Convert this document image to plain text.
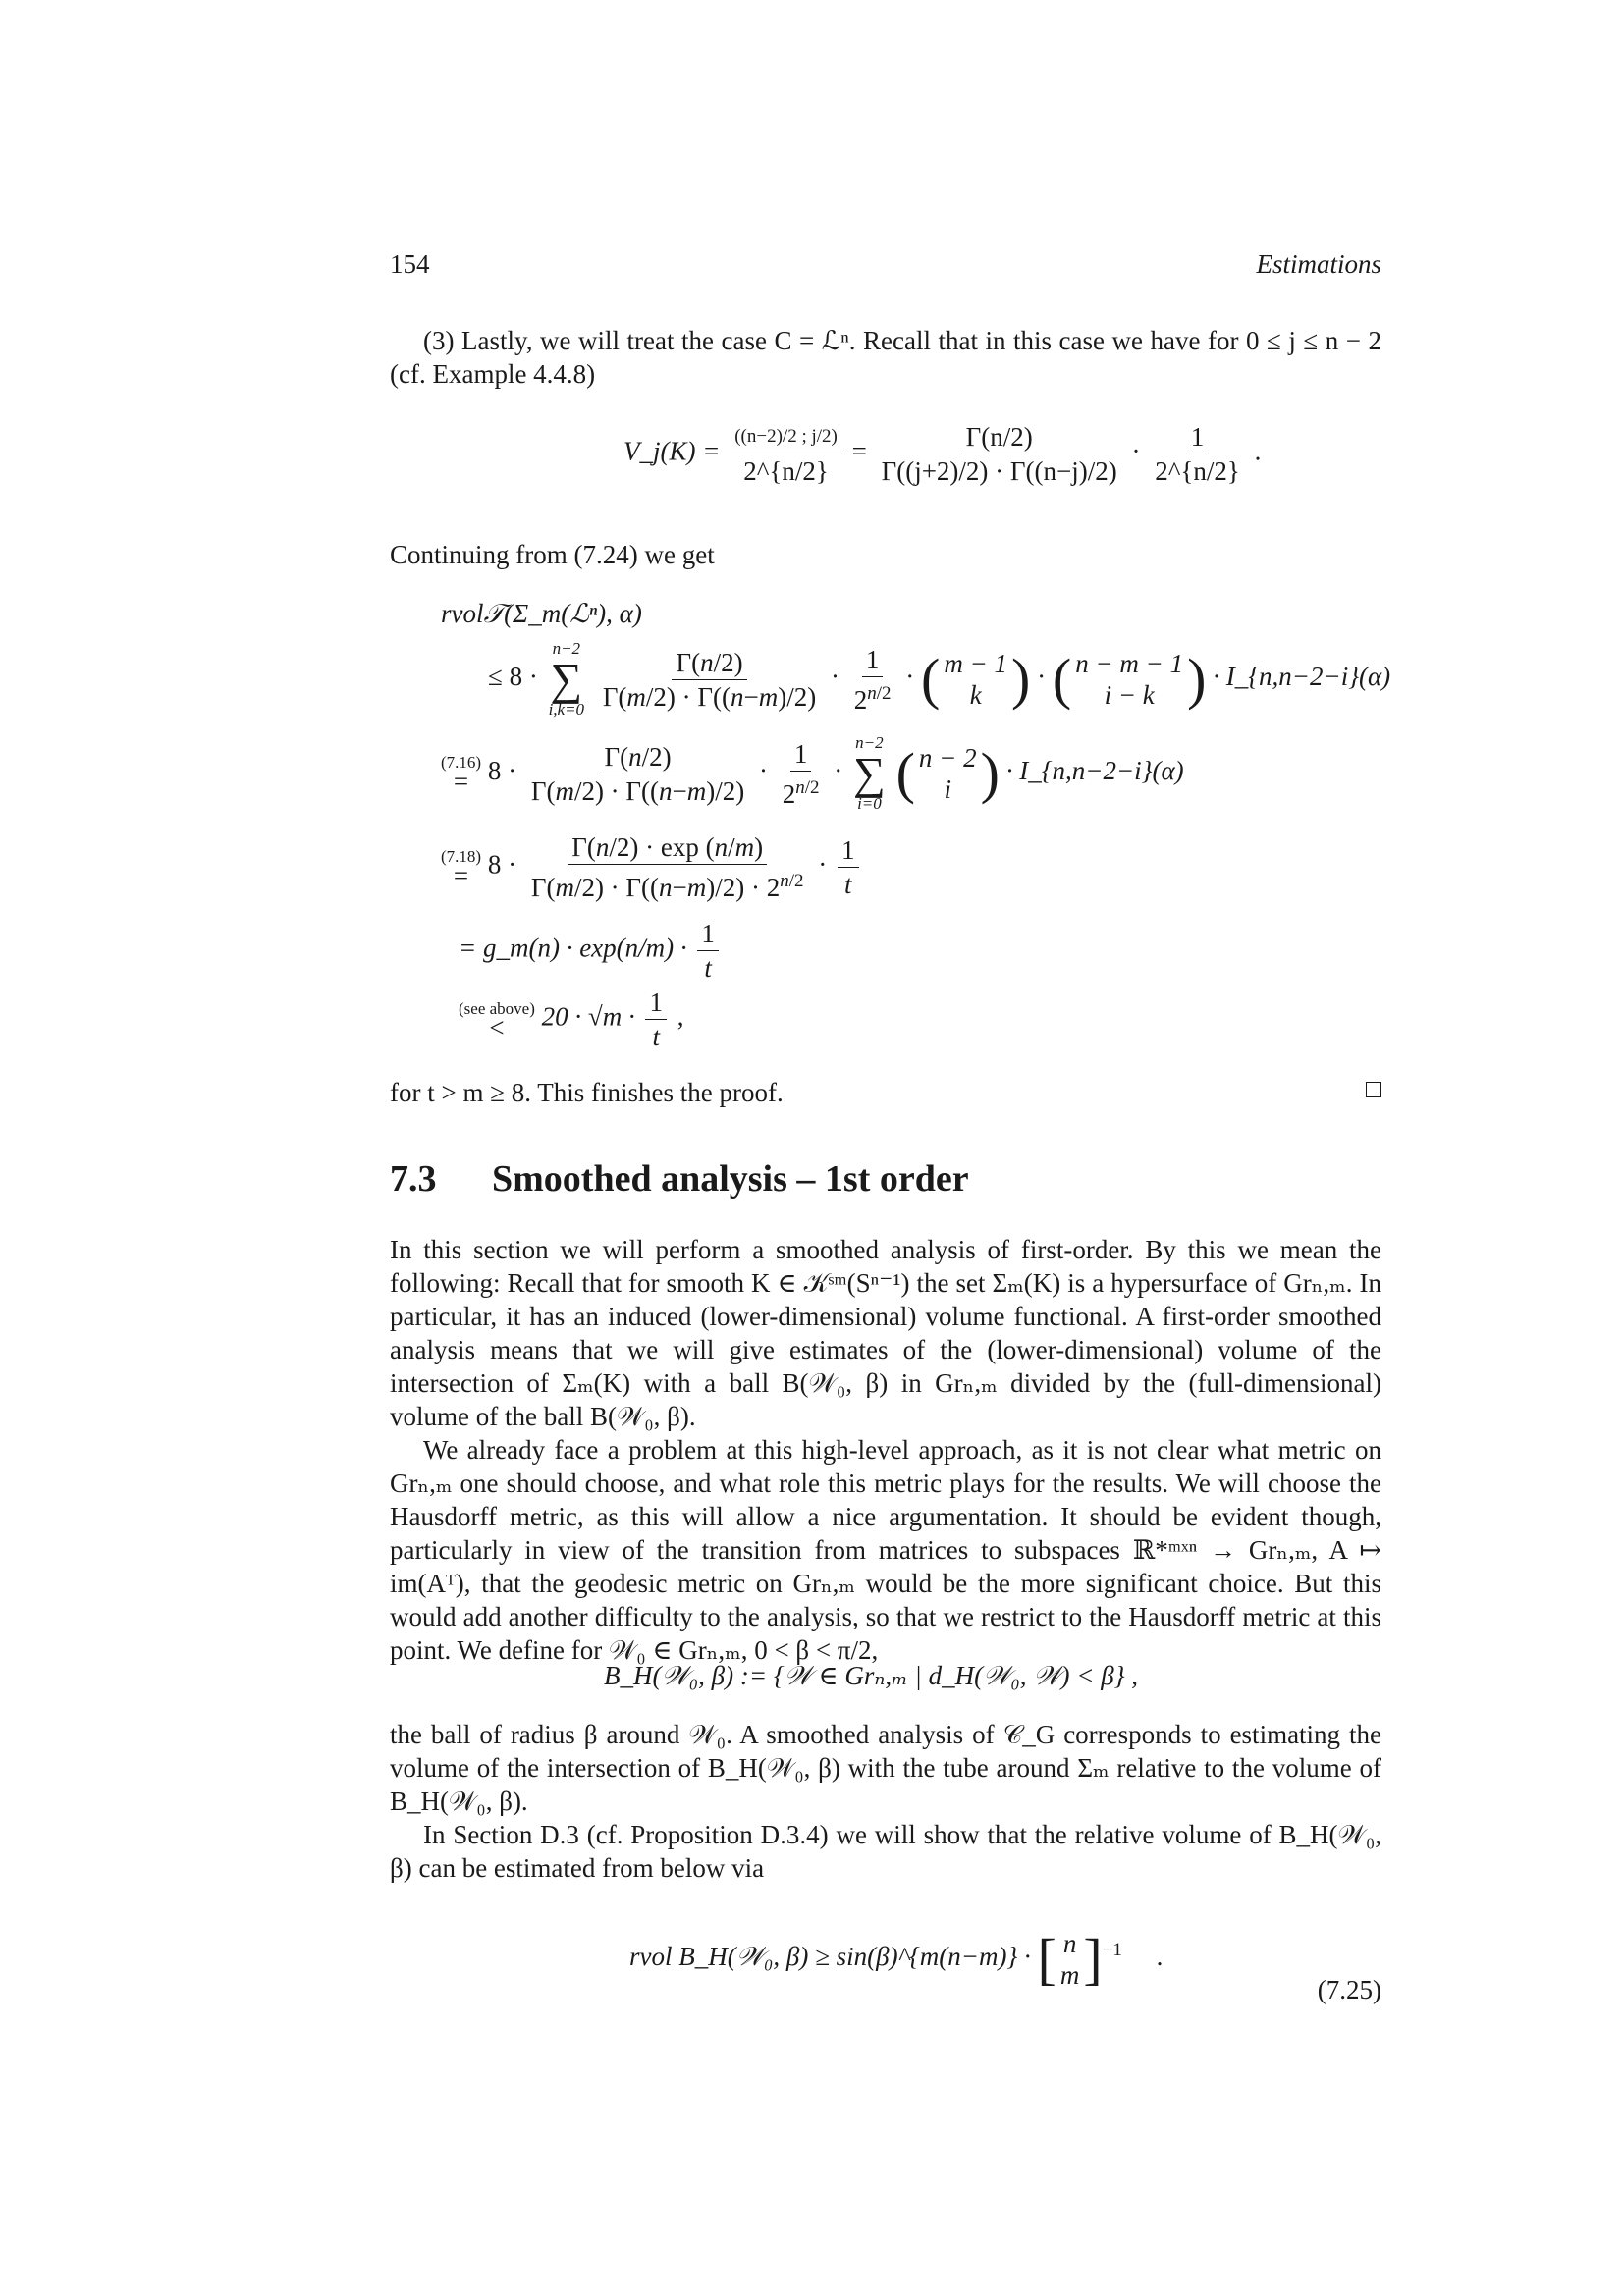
154	Estimations

(3) Lastly, we will treat the case C = ℒⁿ. Recall that in this case we have for 0 ≤ j ≤ n − 2 (cf. Example 4.4.8)

V_j(K) = $\frac{((n-2)/2 ; j/2)}{2\^{}\{n/2\}} = \frac{\Gamma(n/2)}{\Gamma((j+2)/2) \cdot \Gamma((n-j)/2)} \cdot \frac{1}{2\^{}\{n/2\}}$ .
Continuing from (7.24) we get
rvol𝒯(Σ_m(ℒⁿ), α)
≤ 8 ·
n−2
∑
i,k=0
$\frac{\Gamma(n/2)}{\Gamma(m/2) \cdot \Gamma((n-m)/2)} \cdot \frac{1}{2^{n/2}}$ · ( m − 1
k ) · ( n − m − 1
i − k ) · I_{n,n−2−i}(α)
(7.16)
= $8 \cdot \frac{\Gamma(n/2)}{\Gamma(m/2) \cdot \Gamma((n-m)/2)} \cdot \frac{1}{2^{n/2}}$ ·
n−2
∑
i=0
( n − 2
i ) · I_{n,n−2−i}(α)
(7.18)
= $8 \cdot \frac{\Gamma(n/2) \cdot \exp (n/m)}{\Gamma(m/2) \cdot \Gamma((n-m)/2) \cdot 2^{n/2}} \cdot \frac{1}{t}$
= g_m(n) · $\exp(n/m) \cdot \frac{1}{t}$
(see above)
< $20 \cdot √m \cdot \frac{1}{t}$ ,
for t > m ≥ 8. This finishes the proof.
7.3 Smoothed analysis – 1st order

In this section we will perform a smoothed analysis of first-order. By this we mean the following: Recall that for smooth K ∈ 𝒦ˢᵐ(Sⁿ⁻¹) the set Σₘ(K) is a hypersurface of Grₙ,ₘ. In particular, it has an induced (lower-dimensional) volume functional. A first-order smoothed analysis means that we will give estimates of the (lower-dimensional) volume of the intersection of Σₘ(K) with a ball B(𝒲₀, β) in Grₙ,ₘ divided by the (full-dimensional) volume of the ball B(𝒲₀, β).

We already face a problem at this high-level approach, as it is not clear what metric on Grₙ,ₘ one should choose, and what role this metric plays for the results. We will choose the Hausdorff metric, as this will allow a nice argumentation. It should be evident though, particularly in view of the transition from matrices to subspaces ℝ*ᵐˣⁿ → Grₙ,ₘ, A ↦ im(Aᵀ), that the geodesic metric on Grₙ,ₘ would be the more significant choice. But this would add another difficulty to the analysis, so that we restrict to the Hausdorff metric at this point. We define for 𝒲₀ ∈ Grₙ,ₘ, 0 < β < π/2,

B_H(𝒲₀, β) := {𝒲 ∈ Grₙ,ₘ | d_H(𝒲₀, 𝒲) < β} ,

the ball of radius β around 𝒲₀. A smoothed analysis of 𝒞_G corresponds to estimating the volume of the intersection of B_H(𝒲₀, β) with the tube around Σₘ relative to the volume of B_H(𝒲₀, β).

In Section D.3 (cf. Proposition D.3.4) we will show that the relative volume of B_H(𝒲₀, β) can be estimated from below via

rvol B_H(𝒲₀, β) ≥ sin(β)^{m(n−m)} · [ n
m ] $^{-1}$ .
(7.25)
